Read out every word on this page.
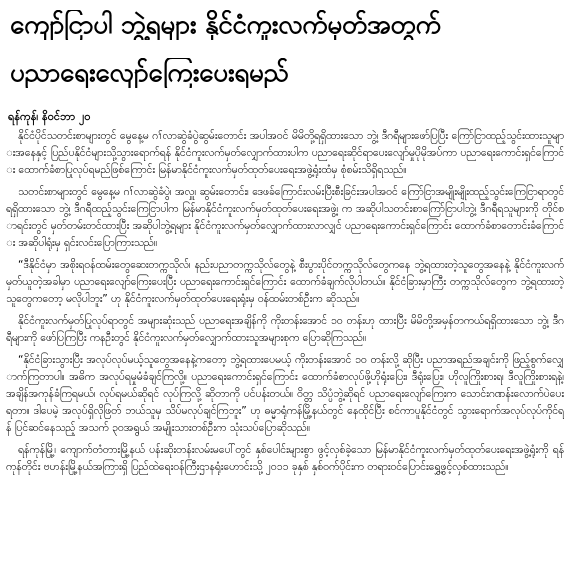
ကျော်ငြာပါ ဘွဲ့ရများ နိုင်ငံကူးလက်မှတ်အတွက်
ပညာရေးလျော်ကြေးပေးရမည်
ရန်ကုန်၊ နိဝင်ဘာ ၂၀

နိုင်ငံပိုင်သတင်းစာများတွင် မွေနေ့မ ဂၢ်လာဆွဲခံပွဲဆွမ်းတောင်း အပါအဝင် မိမိတို့ရရှိထားသော ဘွဲ့၊ ဒီဂရီများဖော်ပြပြီး ကြော်ငြာထည့်သွင်းထားသူများအနေနှင့် ပြည်ပနိုင်ငံများသို့သွားရောက်ရန် နိုင်ငံကူးလက်မှတ်လျှောက်ထားပါက ပညာရေးဆိုင်ရာပေးလျော်မှုပိုမိုအပ်ကာ ပညာရေးကောင်းရှင်ကြောင်း ထောက်ခံစာပြုလုပ်ရမည်ဖြစ်ကြောင်း မြန်မာနိုင်ငံကူးလက်မှတ်ထုတ်ပေးရေးအဖွဲ့ရုံးထံမှ စုံစမ်းသိရှိရသည်။

သတင်းစာများတွင် မွေနေ့မ ဂၢ်လာဆွဲခံပွဲ၊ အလှူ၊ ဆွမ်းတောင်း၊ ဒေဖခ်ကြောင်းလမ်းပြီးစီးခြင်းအပါအဝင် ကြော်ငြာအမျိုးမျိုးထည့်သွင်းကြေငြာရာတွင် ရရှိထားသော ဘွဲ့၊ ဒီဂရီထည့်သွင်းကြေငြာပါက မြန်မာနိုင်ငံကူးလက်မှတ်ထုတ်ပေးရေးအဖွဲ့၊ က အဆိုပါသတင်းစာကြော်ငြာပါဘွဲ့၊ ဒီဂရီရသူများကို တိုင်စာရင်းတွင် မှတ်တမ်းတင်ထားပြီး အဆိုပါဘွဲ့ရများ နိုင်ငံကူးလက်မှတ်လျှောက်ထားလာလျှင် ပညာရေးကောင်းရှင်ကြောင်း ထောက်ခံစာတောင်းခံကြောင်း အဆိုပါရုံးမှ ရှင်းလင်းပြောကြားသည်။

“ဒီနိုင်ငံမှာ အစိုးရဝန်ထမ်းတွေဆေးတက္ကသိုလ်၊ နည်းပညာတက္ကသိုလ်တွေနဲ့ စီးပွားပိုင်တက္ကသိုလ်တွေကနေ ဘွဲ့ရထားတဲ့သူတွေအနေနဲ့ နိုင်ငံကူးလက်မှတ်ယူတဲ့အခါမှာ ပညာရေးလျော်ကြေးပေးပြီး ပညာရေးကောင်းရှင်ကြောင်း ထောက်ခံချက်လိုပါတယ်။ နိုင်ငံခြားမှာကြီး တက္ကသိုလ်တွေက ဘွဲ့ရထားတဲ့သူတွေကတော့ မလိုပါဘူး” ဟု နိုင်ငံကူးလက်မှတ်ထုတ်ပေးရေးရုံးမှ ဝန်ထမ်းတစ်ဦးက ဆိုသည်။

နိုင်ငံကူးလက်မှတ်ပြုလုပ်ရာတွင် အများဆုံးသည် ပညာရေးအချိန်ကို ကိုးတန်းအောင် ၁၀ တန်းဟု ထားပြီး မိမိတို့အမှန်တကယ်ရရှိထားသော ဘွဲ့၊ ဒီဂရီများကို ဖော်ပြကြပြီး ကနဦးတွင် နိုင်ငံကူးလက်မှတ်လျှောက်ထားသူအများစုက ပြောဆိုကြသည်။

“နိုင်ငံခြားသွားပြီး အလုပ်လုပ်မယ့်သူတွေအနေနဲ့ကတော့ ဘွဲ့ရထားပေမယ့် ကိုးတန်းအောင် ၁၀ တန်းလို့ ဆိုပြီး ပညာအရည်အချင်းကို ဖြည့်စွက်လျှောက်ကြတာပါ။ အဓိက အလုပ်ရမှုမံခံချင်ကြလို့။ ပညာရေးကောင်းရှင်ကြောင်း ထောက်ခံစာလုပ်ဖို့ဟိုရုံးပြေး၊ ဒီရုံးပြေး၊ ဟိုလူကြိုးစားရ၊ ဒီလူကြိုးစားရနဲ့၊ အချိန်အကုန်ခံကြရမယ်၊ လုပ်ရမယ်ဆိုရင် လုပ်ကြလို့ ဆိုတာကို ပင်ပန်းတယ်။ ဝိတ္တ သိပ္ပံဘွဲ့ဆိုရင် ပညာရေးလျော်ကြေးက သောင်းဂဏန်းလောက်ပဲပေးရတာ။ ဒါပေမဲ့ အလုပ်ရှိလိုဖြတ် ဘယ်သူမှ သိပ်မလုပ်ချင်ကြဘူး” ဟု ဓမ္မာရုံကန်မြို့နယ်တွင် နေထိုင်ပြီး စင်ကာပူနိုင်ငံတွင် သွားရောက်အလုပ်လုပ်ကိုင်ရန် ပြင်ဆင်နေသည့် အသက် ၃၀အရွယ် အမျိုးသားတစ်ဦးက သုံးသပ်ပြောဆိုသည်။

ရန်ကုန်မြို့၊ ကျောက်တံတားမြို့နယ် ပန်းဆိုးတန်းလမ်းမပေါ်တွင် နှစ်ပေါင်းများစွာ ဖွင့်လှစ်ခဲ့သော မြန်မာနိုင်ငံကူးလက်မှတ်ထုတ်ပေးရေးအဖွဲ့ရုံးကို ရန်ကုန်တိုင်း ဗဟန်းမြို့နယ်အကြားရှိ ပြည်ထဲရေးဝန်ကြီးဌာနရုံးဟောင်းသို့ ၂၀၁၁ ခုနှစ် နှစ်ဝက်ပိုင်းက တရားဝင်ပြောင်းရွှေ့ဖွင့်လှစ်ထားသည်။
